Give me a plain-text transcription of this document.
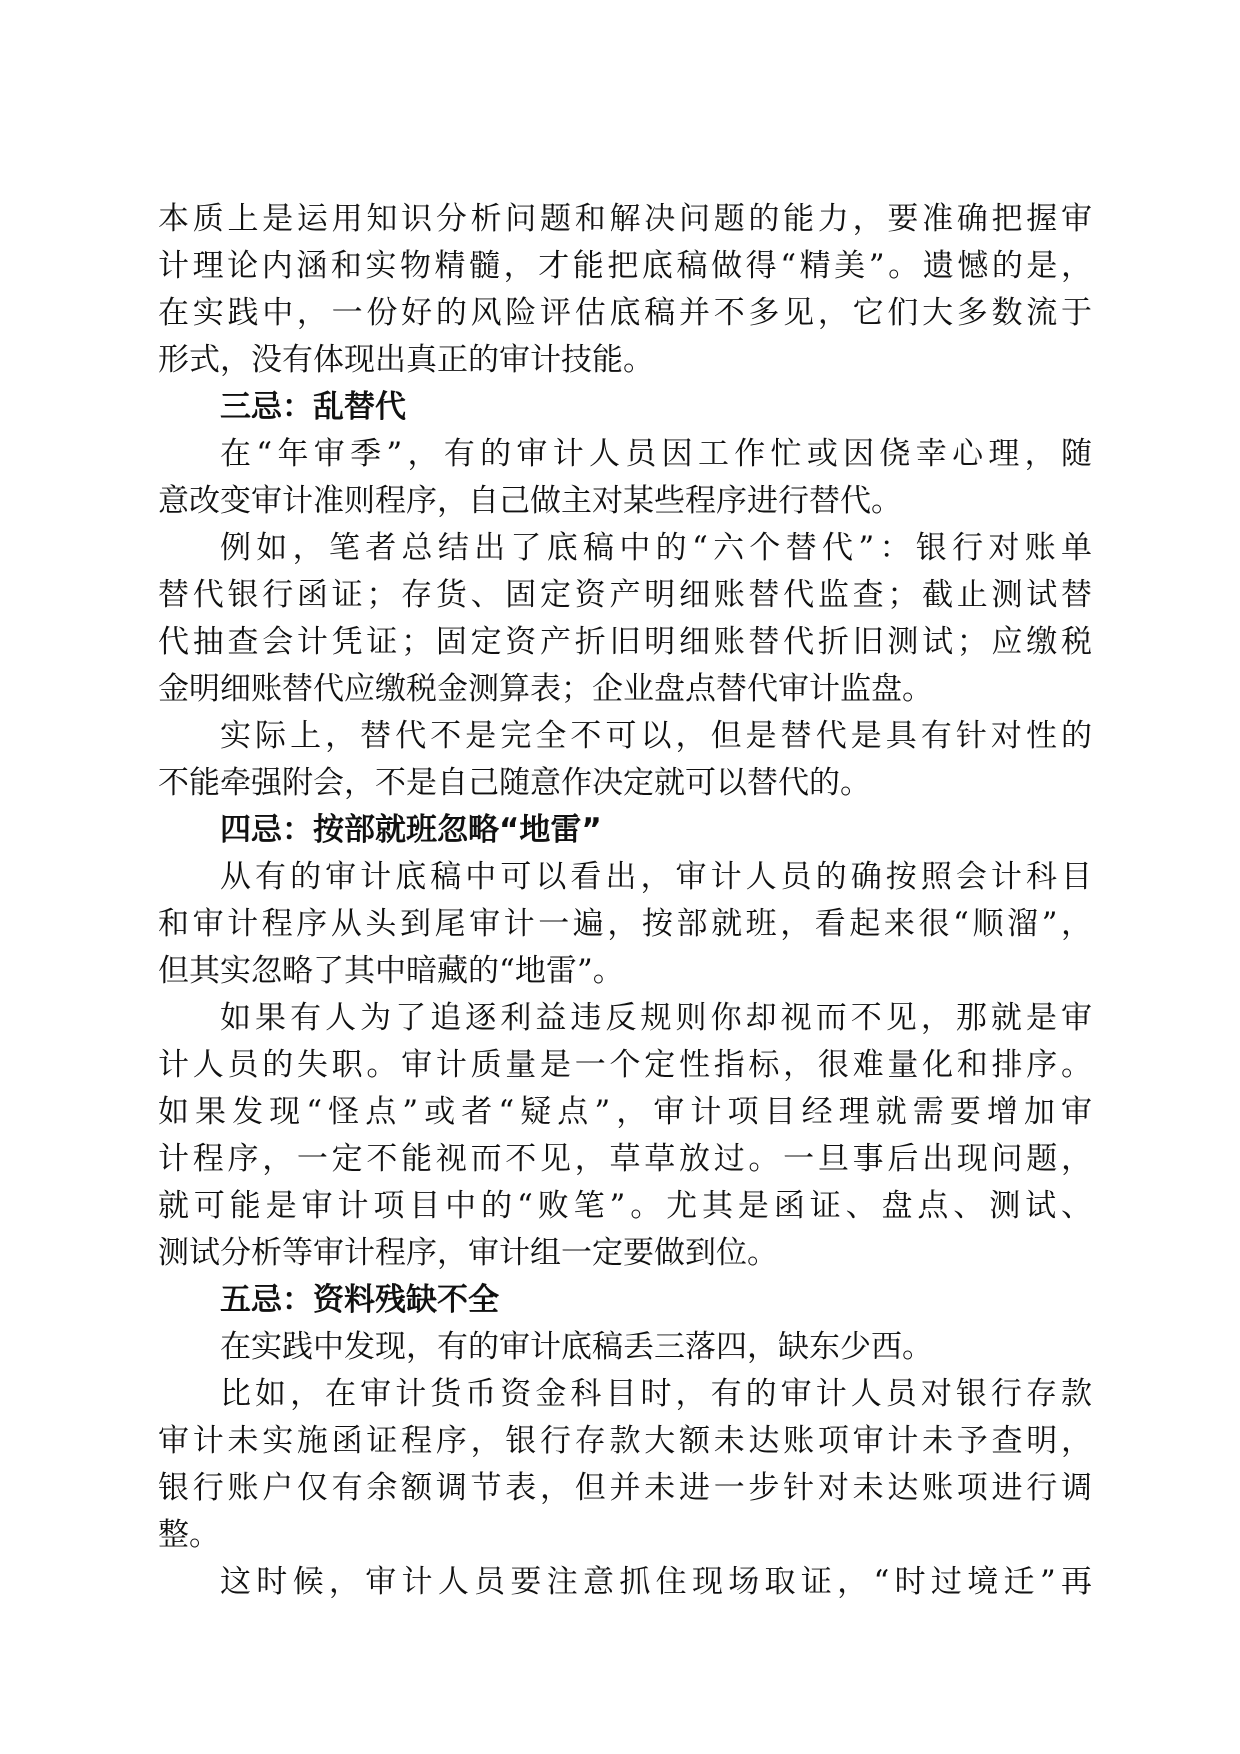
本质上是运用知识分析问题和解决问题的能力，要准确把握审
计理论内涵和实物精髓，才能把底稿做得“精美”。遗憾的是，
在实践中，一份好的风险评估底稿并不多见，它们大多数流于
形式，没有体现出真正的审计技能。
三忌：乱替代
在“年审季”，有的审计人员因工作忙或因侥幸心理，随
意改变审计准则程序，自己做主对某些程序进行替代。
例如，笔者总结出了底稿中的“六个替代”：银行对账单
替代银行函证；存货、固定资产明细账替代监查；截止测试替
代抽查会计凭证；固定资产折旧明细账替代折旧测试；应缴税
金明细账替代应缴税金测算表；企业盘点替代审计监盘。
实际上，替代不是完全不可以，但是替代是具有针对性的
不能牵强附会，不是自己随意作决定就可以替代的。
四忌：按部就班忽略“地雷”
从有的审计底稿中可以看出，审计人员的确按照会计科目
和审计程序从头到尾审计一遍，按部就班，看起来很“顺溜”，
但其实忽略了其中暗藏的“地雷”。
如果有人为了追逐利益违反规则你却视而不见，那就是审
计人员的失职。审计质量是一个定性指标，很难量化和排序。
如果发现“怪点”或者“疑点”，审计项目经理就需要增加审
计程序，一定不能视而不见，草草放过。一旦事后出现问题，
就可能是审计项目中的“败笔”。尤其是函证、盘点、测试、
测试分析等审计程序，审计组一定要做到位。
五忌：资料残缺不全
在实践中发现，有的审计底稿丢三落四，缺东少西。
比如，在审计货币资金科目时，有的审计人员对银行存款
审计未实施函证程序，银行存款大额未达账项审计未予查明，
银行账户仅有余额调节表，但并未进一步针对未达账项进行调
整。
这时候，审计人员要注意抓住现场取证，“时过境迁”再
